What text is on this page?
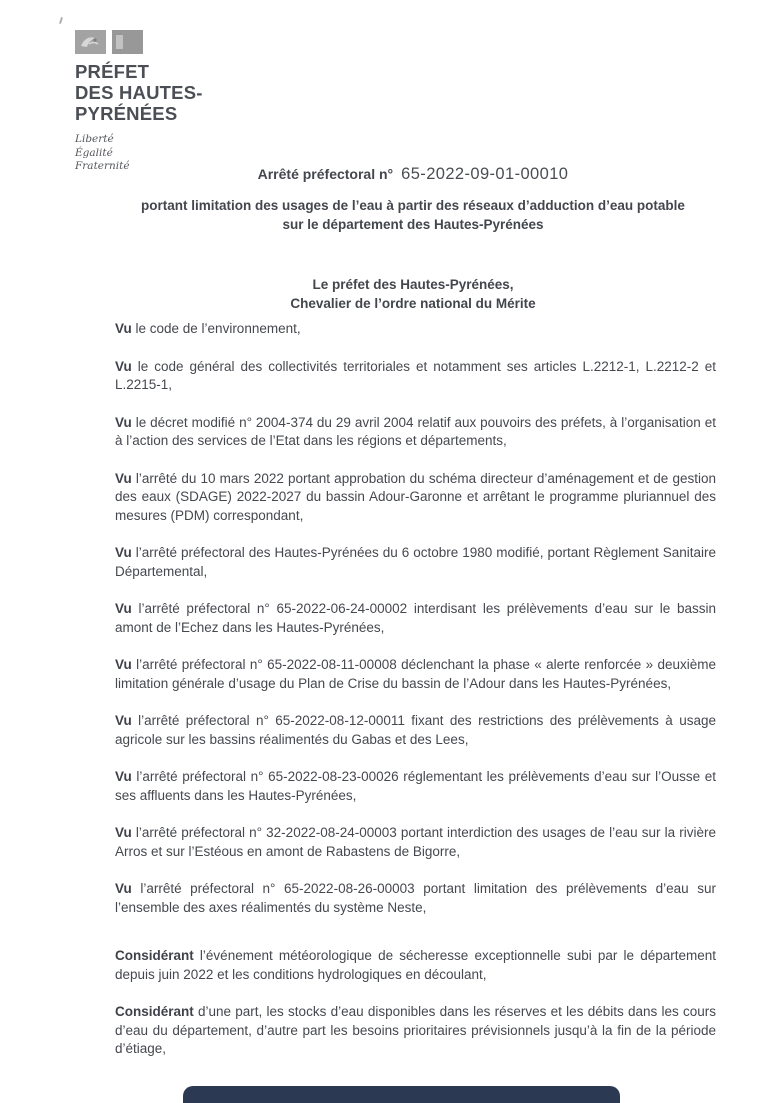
PRÉFET
DES HAUTES-
PYRÉNÉES
Liberté
Égalité
Fraternité	Arrêté préfectoral n° 65-2022-09-01-00010
portant limitation des usages de l’eau à partir des réseaux d’adduction d’eau potable
sur le département des Hautes-Pyrénées
Le préfet des Hautes-Pyrénées,
Chevalier de l’ordre national du Mérite

Vu le code de l’environnement,

Vu le code général des collectivités territoriales et notamment ses articles L.2212-1, L.2212-2 et L.2215-1,

Vu le décret modifié n° 2004-374 du 29 avril 2004 relatif aux pouvoirs des préfets, à l’organisation et à l’action des services de l’Etat dans les régions et départements,

Vu l’arrêté du 10 mars 2022 portant approbation du schéma directeur d’aménagement et de gestion des eaux (SDAGE) 2022-2027 du bassin Adour-Garonne et arrêtant le programme pluriannuel des mesures (PDM) correspondant,

Vu l’arrêté préfectoral des Hautes-Pyrénées du 6 octobre 1980 modifié, portant Règlement Sanitaire Départemental,

Vu l’arrêté préfectoral n° 65-2022-06-24-00002 interdisant les prélèvements d’eau sur le bassin amont de l’Echez dans les Hautes-Pyrénées,

Vu l’arrêté préfectoral n° 65-2022-08-11-00008 déclenchant la phase « alerte renforcée » deuxième limitation générale d’usage du Plan de Crise du bassin de l’Adour dans les Hautes-Pyrénées,

Vu l’arrêté préfectoral n° 65-2022-08-12-00011 fixant des restrictions des prélèvements à usage agricole sur les bassins réalimentés du Gabas et des Lees,

Vu l’arrêté préfectoral n° 65-2022-08-23-00026 réglementant les prélèvements d’eau sur l’Ousse et ses affluents dans les Hautes-Pyrénées,

Vu l’arrêté préfectoral n° 32-2022-08-24-00003 portant interdiction des usages de l’eau sur la rivière Arros et sur l’Estéous en amont de Rabastens de Bigorre,

Vu l’arrêté préfectoral n° 65-2022-08-26-00003 portant limitation des prélèvements d’eau sur l’ensemble des axes réalimentés du système Neste,

Considérant l’événement météorologique de sécheresse exceptionnelle subi par le département depuis juin 2022 et les conditions hydrologiques en découlant,

Considérant d’une part, les stocks d’eau disponibles dans les réserves et les débits dans les cours d’eau du département, d’autre part les besoins prioritaires prévisionnels jusqu’à la fin de la période d’étiage,
